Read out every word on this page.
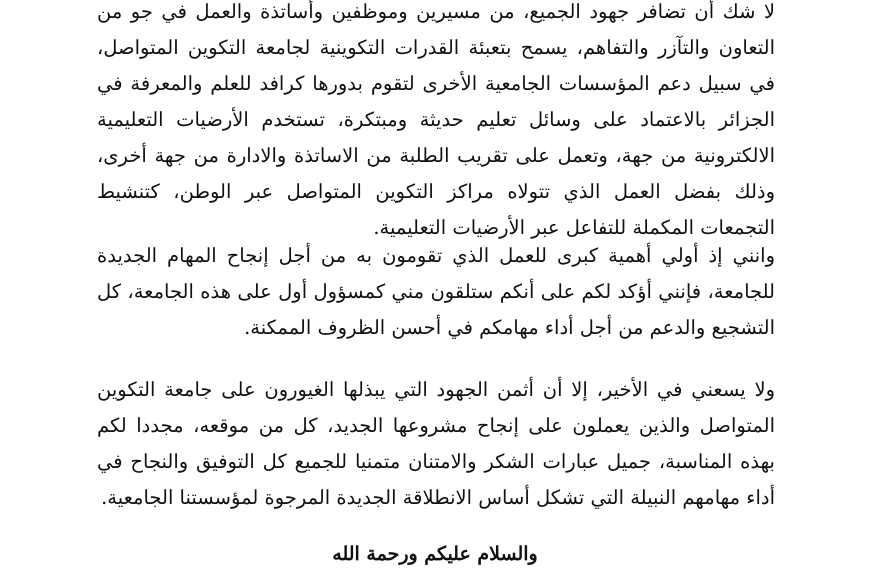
لا شك أن تضافر جهود الجميع، من مسيرين وموظفين وأساتذة والعمل في جو من التعاون والتآزر والتفاهم، يسمح بتعبئة القدرات التكوينية لجامعة التكوين المتواصل، في سبيل دعم المؤسسات الجامعية الأخرى لتقوم بدورها كرافد للعلم والمعرفة في الجزائر بالاعتماد على وسائل تعليم حديثة ومبتكرة، تستخدم الأرضيات التعليمية الالكترونية من جهة، وتعمل على تقريب الطلبة من الاساتذة والادارة من جهة أخرى، وذلك بفضل العمل الذي تتولاه مراكز التكوين المتواصل عبر الوطن، كتنشيط التجمعات المكملة للتفاعل عبر الأرضيات التعليمية.

وانني إذ أولي أهمية كبرى للعمل الذي تقومون به من أجل إنجاح المهام الجديدة للجامعة، فإنني أؤكد لكم على أنكم ستلقون مني كمسؤول أول على هذه الجامعة، كل التشجيع والدعم من أجل أداء مهامكم في أحسن الظروف الممكنة.

ولا يسعني في الأخير، إلا أن أثمن الجهود التي يبذلها الغيورون على جامعة التكوين المتواصل والذين يعملون على إنجاح مشروعها الجديد، كل من موقعه، مجددا لكم بهذه المناسبة، جميل عبارات الشكر والامتنان متمنيا للجميع كل التوفيق والنجاح في أداء مهامهم النبيلة التي تشكل أساس الانطلاقة الجديدة المرجوة لمؤسستنا الجامعية.

والسلام عليكم ورحمة الله
